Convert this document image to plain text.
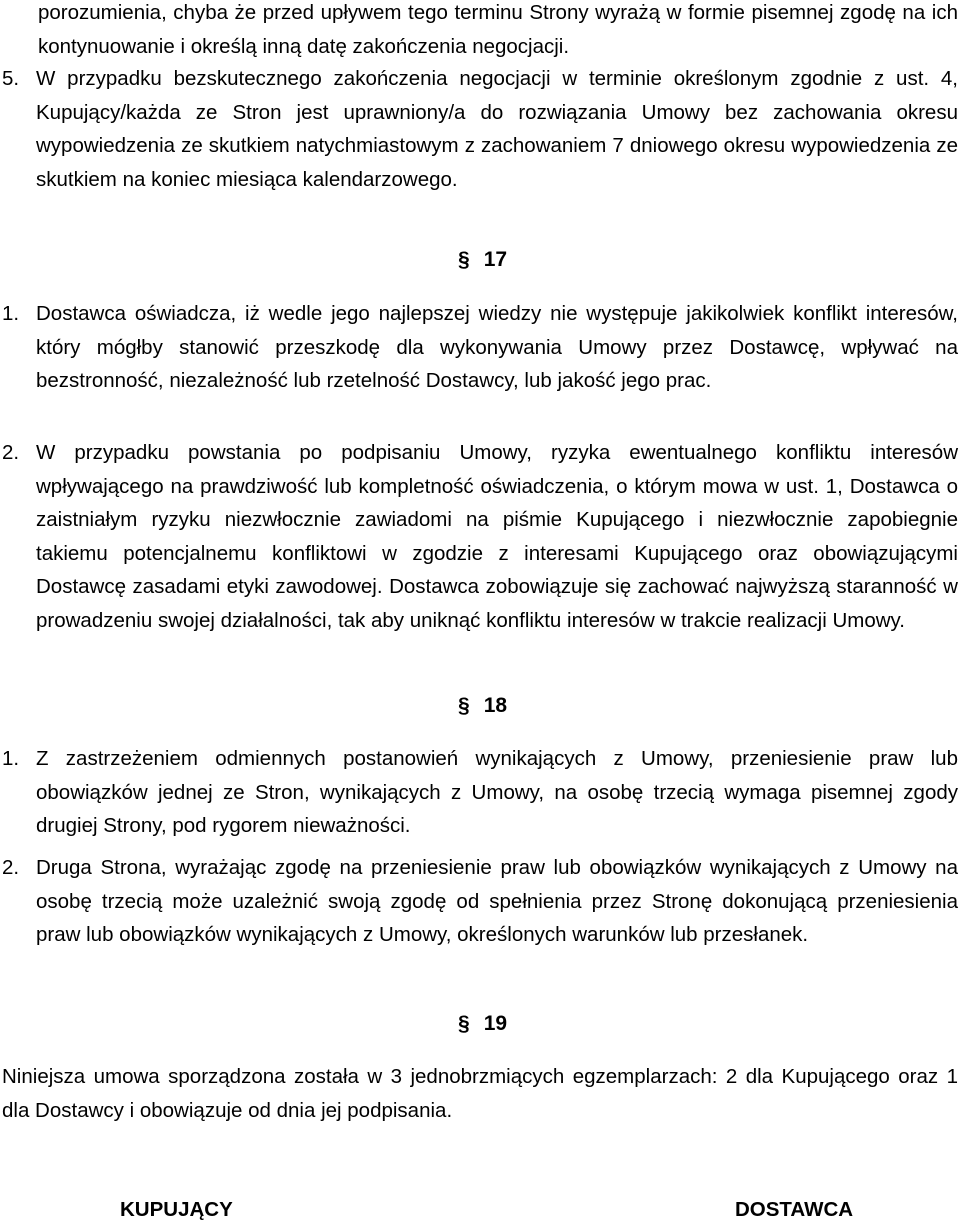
porozumienia, chyba że przed upływem tego terminu Strony wyrażą w formie pisemnej zgodę na ich kontynuowanie i określą inną datę zakończenia negocjacji.
5. W przypadku bezskutecznego zakończenia negocjacji w terminie określonym zgodnie z ust. 4, Kupujący/każda ze Stron jest uprawniony/a do rozwiązania Umowy bez zachowania okresu wypowiedzenia ze skutkiem natychmiastowym z zachowaniem 7 dniowego okresu wypowiedzenia ze skutkiem na koniec miesiąca kalendarzowego.
§ 17
1. Dostawca oświadcza, iż wedle jego najlepszej wiedzy nie występuje jakikolwiek konflikt interesów, który mógłby stanowić przeszkodę dla wykonywania Umowy przez Dostawcę, wpływać na bezstronność, niezależność lub rzetelność Dostawcy, lub jakość jego prac.
2. W przypadku powstania po podpisaniu Umowy, ryzyka ewentualnego konfliktu interesów wpływającego na prawdziwość lub kompletność oświadczenia, o którym mowa w ust. 1, Dostawca o zaistniałym ryzyku niezwłocznie zawiadomi na piśmie Kupującego i niezwłocznie zapobiegnie takiemu potencjalnemu konfliktowi w zgodzie z interesami Kupującego oraz obowiązującymi Dostawcę zasadami etyki zawodowej. Dostawca zobowiązuje się zachować najwyższą staranność w prowadzeniu swojej działalności, tak aby uniknąć konfliktu interesów w trakcie realizacji Umowy.
§ 18
1. Z zastrzeżeniem odmiennych postanowień wynikających z Umowy, przeniesienie praw lub obowiązków jednej ze Stron, wynikających z Umowy, na osobę trzecią wymaga pisemnej zgody drugiej Strony, pod rygorem nieważności.
2. Druga Strona, wyrażając zgodę na przeniesienie praw lub obowiązków wynikających z Umowy na osobę trzecią może uzależnić swoją zgodę od spełnienia przez Stronę dokonującą przeniesienia praw lub obowiązków wynikających z Umowy, określonych warunków lub przesłanek.
§ 19
Niniejsza umowa sporządzona została w 3 jednobrzmiących egzemplarzach: 2 dla Kupującego oraz 1 dla Dostawcy i obowiązuje od dnia jej podpisania.
KUPUJĄCY	DOSTAWCA
